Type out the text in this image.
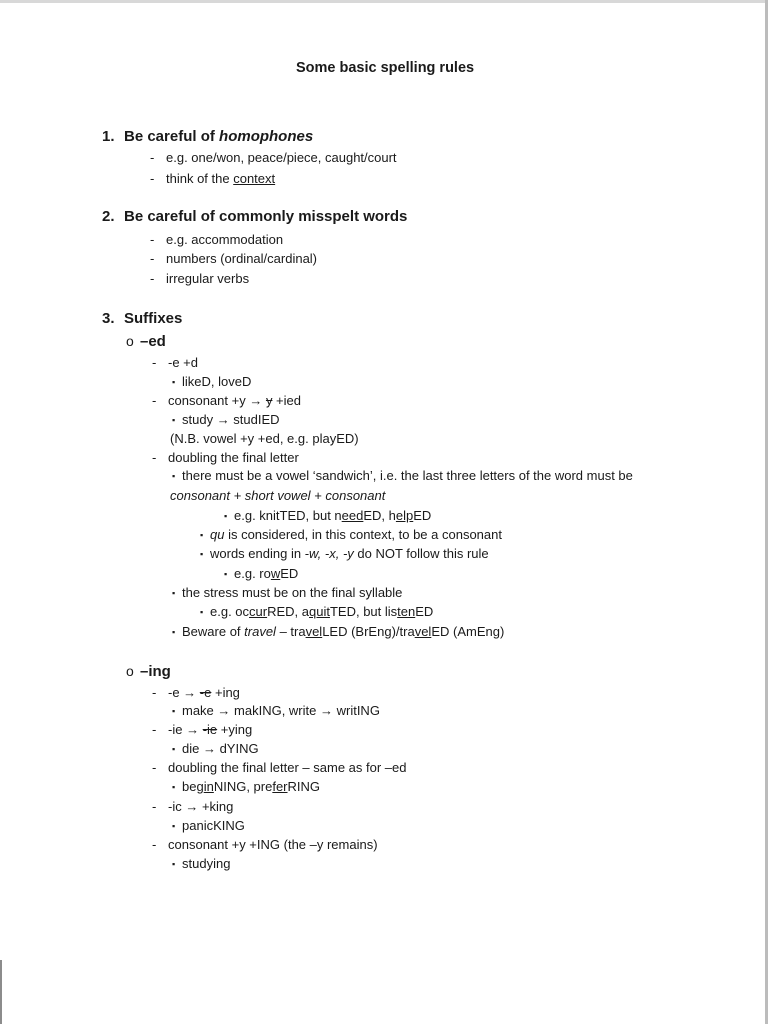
Some basic spelling rules
1. Be careful of homophones
- e.g. one/won, peace/piece, caught/court
- think of the context
2. Be careful of commonly misspelt words
- e.g. accommodation
- numbers (ordinal/cardinal)
- irregular verbs
3. Suffixes
o –ed
- -e +d
▪ likeD, loveD
- consonant +y → y +ied
▪ study → studIED
(N.B. vowel +y +ed, e.g. playED)
- doubling the final letter
▪ there must be a vowel ‘sandwich’, i.e. the last three letters of the word must be
consonant + short vowel + consonant
▪ e.g. knitTED, but needED, helpED
▪ qu is considered, in this context, to be a consonant
▪ words ending in -w, -x, -y do NOT follow this rule
▪ e.g. rowED
▪ the stress must be on the final syllable
▪ e.g. occurRED, aquitTED, but listenED
▪ Beware of travel – travelLED (BrEng)/travelED (AmEng)
o –ing
- -e → -e +ing
▪ make → makING, write → writING
- -ie → -ie +ying
▪ die → dYING
- doubling the final letter – same as for –ed
▪ beginNING, preferRING
- -ic → +king
▪ panicKING
- consonant +y +ING (the –y remains)
▪ studying
